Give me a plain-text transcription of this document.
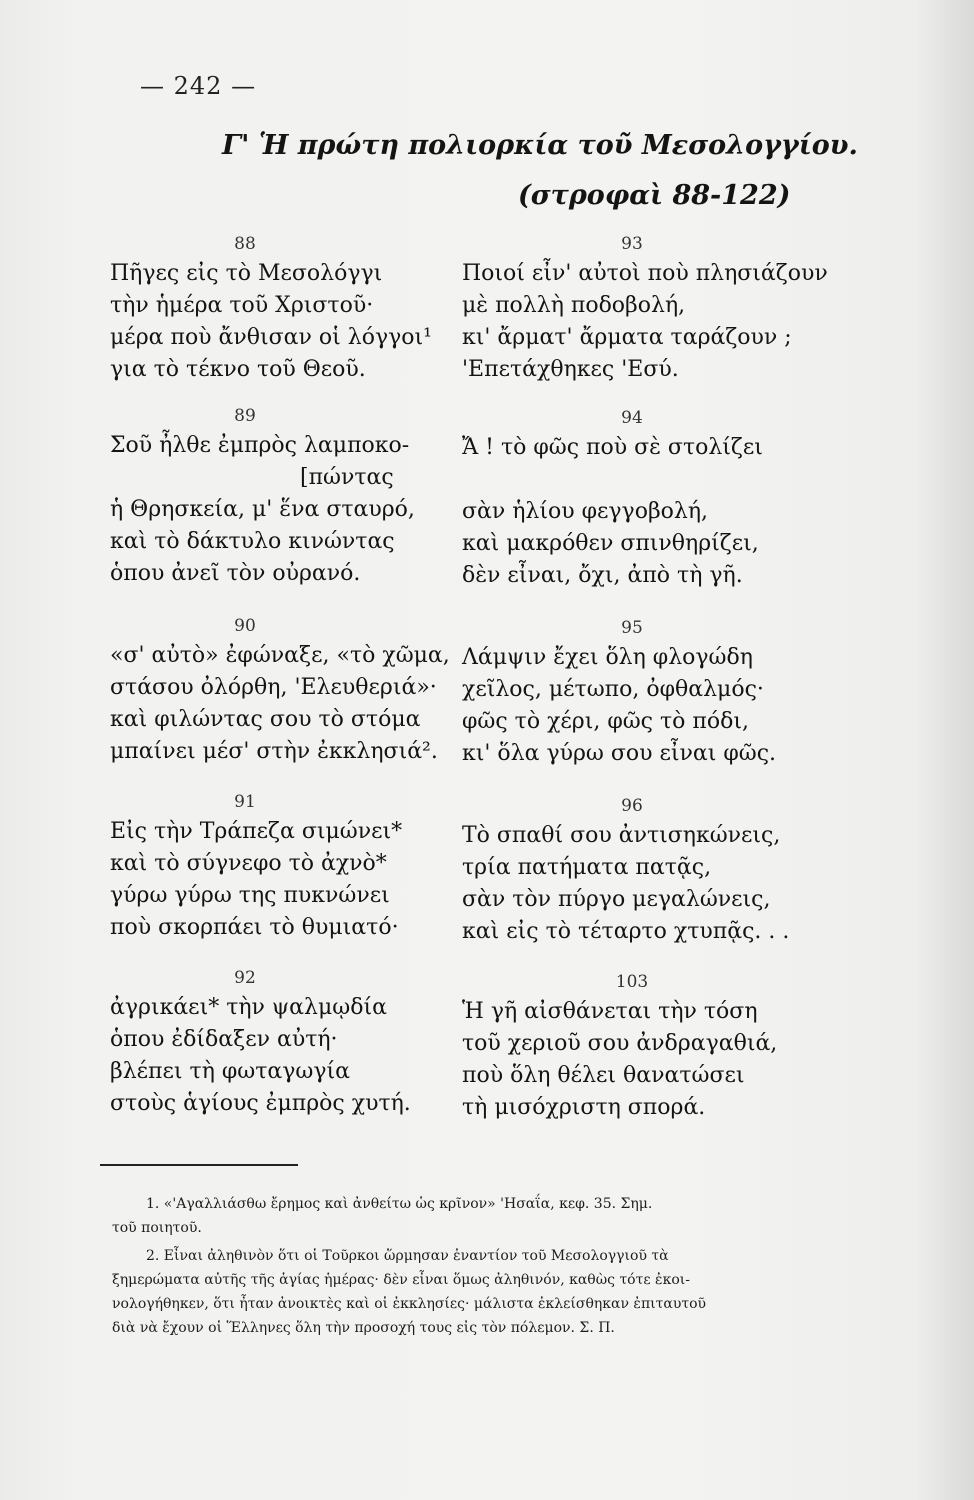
— 242 —
Γ' Ἡ πρώτη πολιορκία τοῦ Μεσολογγίου.
(στροφαὶ 88-122)
88
Πῆγες εἰς τὸ Μεσολόγγι
τὴν ἡμέρα τοῦ Χριστοῦ·
μέρα ποὺ ἄνθισαν οἱ λόγγοι¹
για τὸ τέκνο τοῦ Θεοῦ.
89
Σοῦ ἦλθε ἐμπρὸς λαμποκο-
[πώντας
ἡ Θρησκεία, μ' ἕνα σταυρό,
καὶ τὸ δάκτυλο κινώντας
ὁπου ἀνεῖ τὸν οὐρανό.
90
«σ' αὐτὸ» ἐφώναξε, «τὸ χῶμα,
στάσου ὀλόρθη, 'Ελευθεριά»·
καὶ φιλώντας σου τὸ στόμα
μπαίνει μέσ' στὴν ἐκκλησιά².
91
Εἰς τὴν Τράπεζα σιμώνει*
καὶ τὸ σύγνεφο τὸ ἀχνὸ*
γύρω γύρω της πυκνώνει
ποὺ σκορπάει τὸ θυμιατό·
92
ἀγρικάει* τὴν ψαλμῳδία
ὁπου ἐδίδαξεν αὐτή·
βλέπει τὴ φωταγωγία
στοὺς ἁγίους ἐμπρὸς χυτή.
93
Ποιοί εἶν' αὐτοὶ ποὺ πλησιάζουν
μὲ πολλὴ ποδοβολή,
κι' ἄρματ' ἄρματα ταράζουν ;
'Επετάχθηκες 'Εσύ.
94
Ἄ ! τὸ φῶς ποὺ σὲ στολίζει
σὰν ἡλίου φεγγοβολή,
καὶ μακρόθεν σπινθηρίζει,
δὲν εἶναι, ὄχι, ἀπὸ τὴ γῆ.
95
Λάμψιν ἔχει ὅλη φλογώδη
χεῖλος, μέτωπο, ὀφθαλμός·
φῶς τὸ χέρι, φῶς τὸ πόδι,
κι' ὅλα γύρω σου εἶναι φῶς.
96
Τὸ σπαθί σου ἀντισηκώνεις,
τρία πατήματα πατᾷς,
σὰν τὸν πύργο μεγαλώνεις,
καὶ εἰς τὸ τέταρτο χτυπᾷς. . .
103
Ἡ γῆ αἰσθάνεται τὴν τόση
τοῦ χεριοῦ σου ἀνδραγαθιά,
ποὺ ὅλη θέλει θανατώσει
τὴ μισόχριστη σπορά.
1. «'Αγαλλιάσθω ἔρημος καὶ ἀνθείτω ὡς κρῖνον» 'Ησαΐα, κεφ. 35. Σημ.
τοῦ ποιητοῦ.
2. Εἶναι ἀληθινὸν ὅτι οἱ Τοῦρκοι ὥρμησαν ἐναντίον τοῦ Μεσολογγιοῦ τὰ
ξημερώματα αὐτῆς τῆς ἁγίας ἡμέρας· δὲν εἶναι ὅμως ἀληθινόν, καθὼς τότε ἐκοι-
νολογήθηκεν, ὅτι ἦταν ἀνοικτὲς καὶ οἱ ἐκκλησίες· μάλιστα ἐκλείσθηκαν ἐπιταυτοῦ
διὰ νὰ ἔχουν οἱ Ἕλληνες ὅλη τὴν προσοχή τους εἰς τὸν πόλεμον. Σ. Π.
